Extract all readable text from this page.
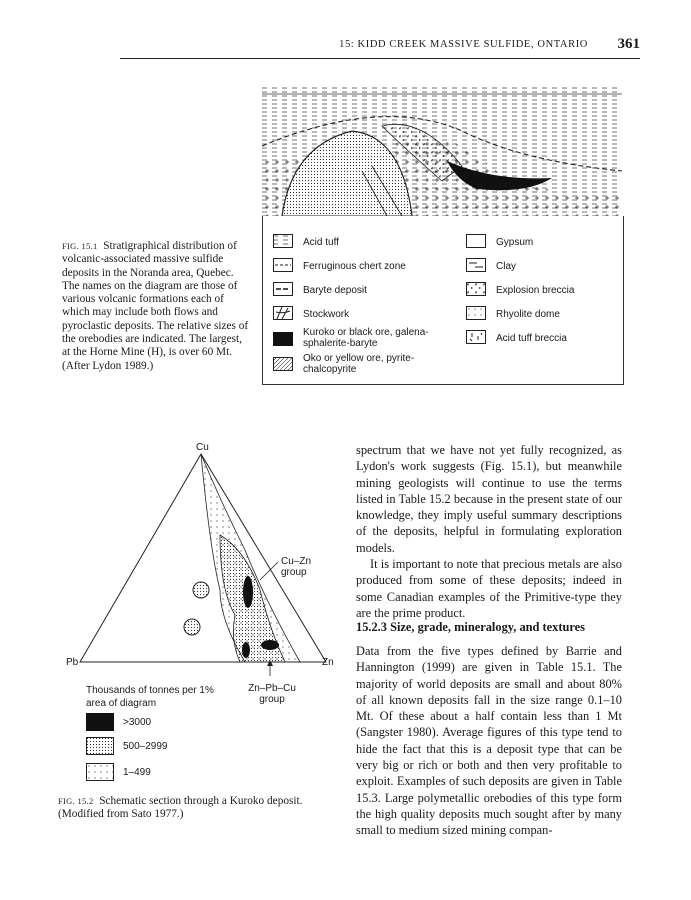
15: KIDD CREEK MASSIVE SULFIDE, ONTARIO 361
Acid tuff
Ferruginous chert zone
Baryte deposit
Stockwork
Kuroko or black ore, galena-sphalerite-baryte
Oko or yellow ore, pyrite-chalcopyrite
Gypsum
Clay
Explosion breccia
Rhyolite dome
Acid tuff breccia
FIG. 15.1 Stratigraphical distribution of volcanic-associated massive sulfide deposits in the Noranda area, Quebec. The names on the diagram are those of various volcanic formations each of which may include both flows and pyroclastic deposits. The relative sizes of the orebodies are indicated. The largest, at the Horne Mine (H), is over 60 Mt. (After Lydon 1989.)
Cu
Pb	Zn
Cu–Zn group
Zn–Pb–Cu group
Thousands of tonnes per 1% area of diagram
>3000
500–2999
1–499
FIG. 15.2 Schematic section through a Kuroko deposit. (Modified from Sato 1977.)

spectrum that we have not yet fully recognized, as Lydon's work suggests (Fig. 15.1), but meanwhile mining geologists will continue to use the terms listed in Table 15.2 because in the present state of our knowledge, they imply useful summary descriptions of the deposits, helpful in formulating exploration models.

It is important to note that precious metals are also produced from some of these deposits; indeed in some Canadian examples of the Primitive-type they are the prime product.

15.2.3 Size, grade, mineralogy, and textures

Data from the five types defined by Barrie and Hannington (1999) are given in Table 15.1. The majority of world deposits are small and about 80% of all known deposits fall in the size range 0.1–10 Mt. Of these about a half contain less than 1 Mt (Sangster 1980). Average figures of this type tend to hide the fact that this is a deposit type that can be very big or rich or both and then very profitable to exploit. Examples of such deposits are given in Table 15.3. Large polymetallic orebodies of this type form the high quality deposits much sought after by many small to medium sized mining compan-
